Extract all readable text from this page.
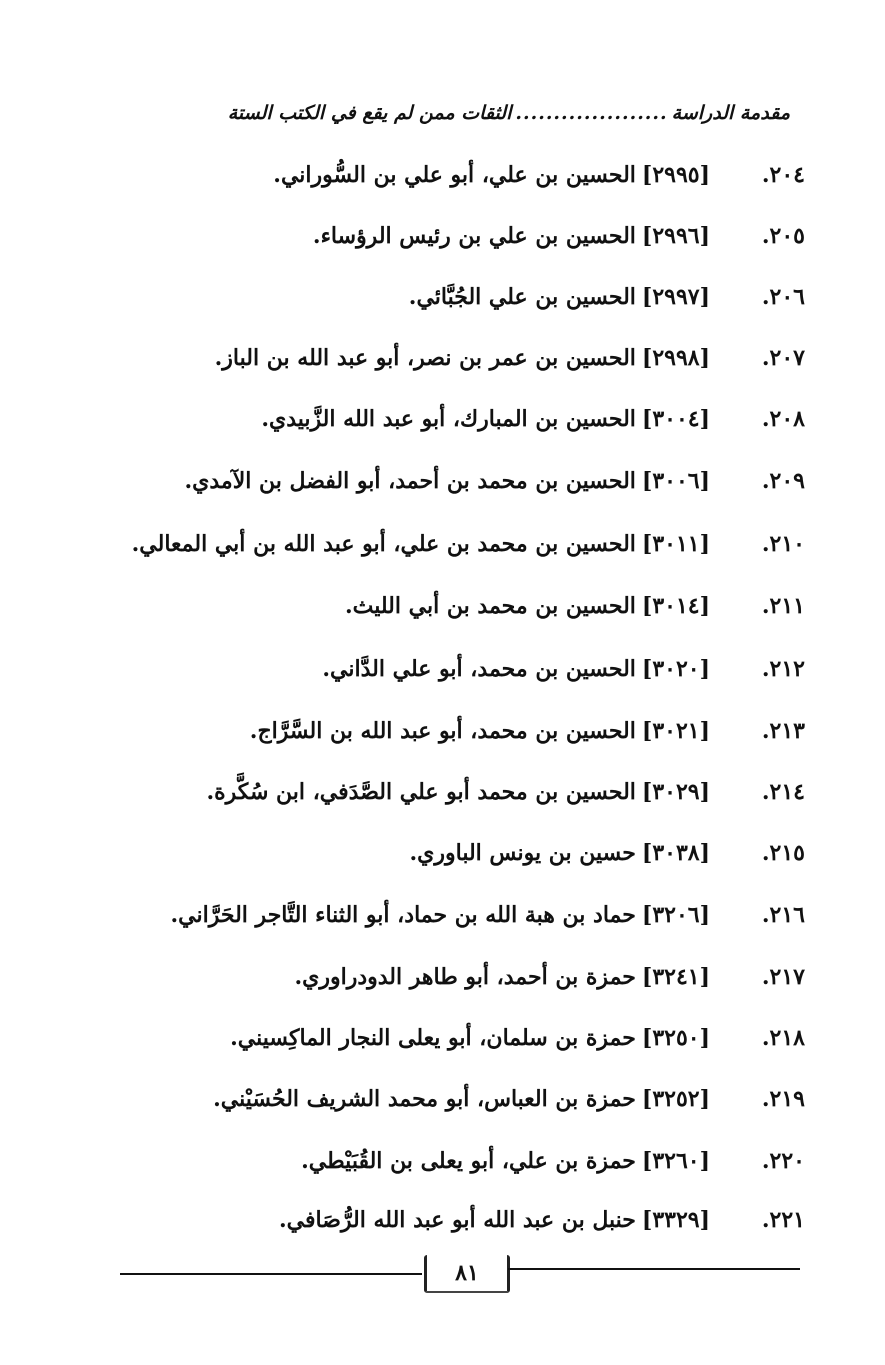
مقدمة الدراسة
....................
الثقات ممن لم يقع في الكتب الستة
٢٠٤.
[٢٩٩٥]
الحسين بن علي، أبو علي بن السُّوراني.
٢٠٥.
[٢٩٩٦]
الحسين بن علي بن رئيس الرؤساء.
٢٠٦.
[٢٩٩٧]
الحسين بن علي الجُبَّائي.
٢٠٧.
[٢٩٩٨]
الحسين بن عمر بن نصر، أبو عبد الله بن الباز.
٢٠٨.
[٣٠٠٤]
الحسين بن المبارك، أبو عبد الله الزَّبيدي.
٢٠٩.
[٣٠٠٦]
الحسين بن محمد بن أحمد، أبو الفضل بن الآمدي.
٢١٠.
[٣٠١١]
الحسين بن محمد بن علي، أبو عبد الله بن أبي المعالي.
٢١١.
[٣٠١٤]
الحسين بن محمد بن أبي الليث.
٢١٢.
[٣٠٢٠]
الحسين بن محمد، أبو علي الدَّاني.
٢١٣.
[٣٠٢١]
الحسين بن محمد، أبو عبد الله بن السَّرَّاج.
٢١٤.
[٣٠٢٩]
الحسين بن محمد أبو علي الصَّدَفي، ابن سُكَّرة.
٢١٥.
[٣٠٣٨]
حسين بن يونس الباوري.
٢١٦.
[٣٢٠٦]
حماد بن هبة الله بن حماد، أبو الثناء التَّاجر الحَرَّاني.
٢١٧.
[٣٢٤١]
حمزة بن أحمد، أبو طاهر الدودراوري.
٢١٨.
[٣٢٥٠]
حمزة بن سلمان، أبو يعلى النجار الماكِسيني.
٢١٩.
[٣٢٥٢]
حمزة بن العباس، أبو محمد الشريف الحُسَيْني.
٢٢٠.
[٣٢٦٠]
حمزة بن علي، أبو يعلى بن القُبَيْطي.
٢٢١.
[٣٣٢٩]
حنبل بن عبد الله أبو عبد الله الرُّصَافي.
٨١
